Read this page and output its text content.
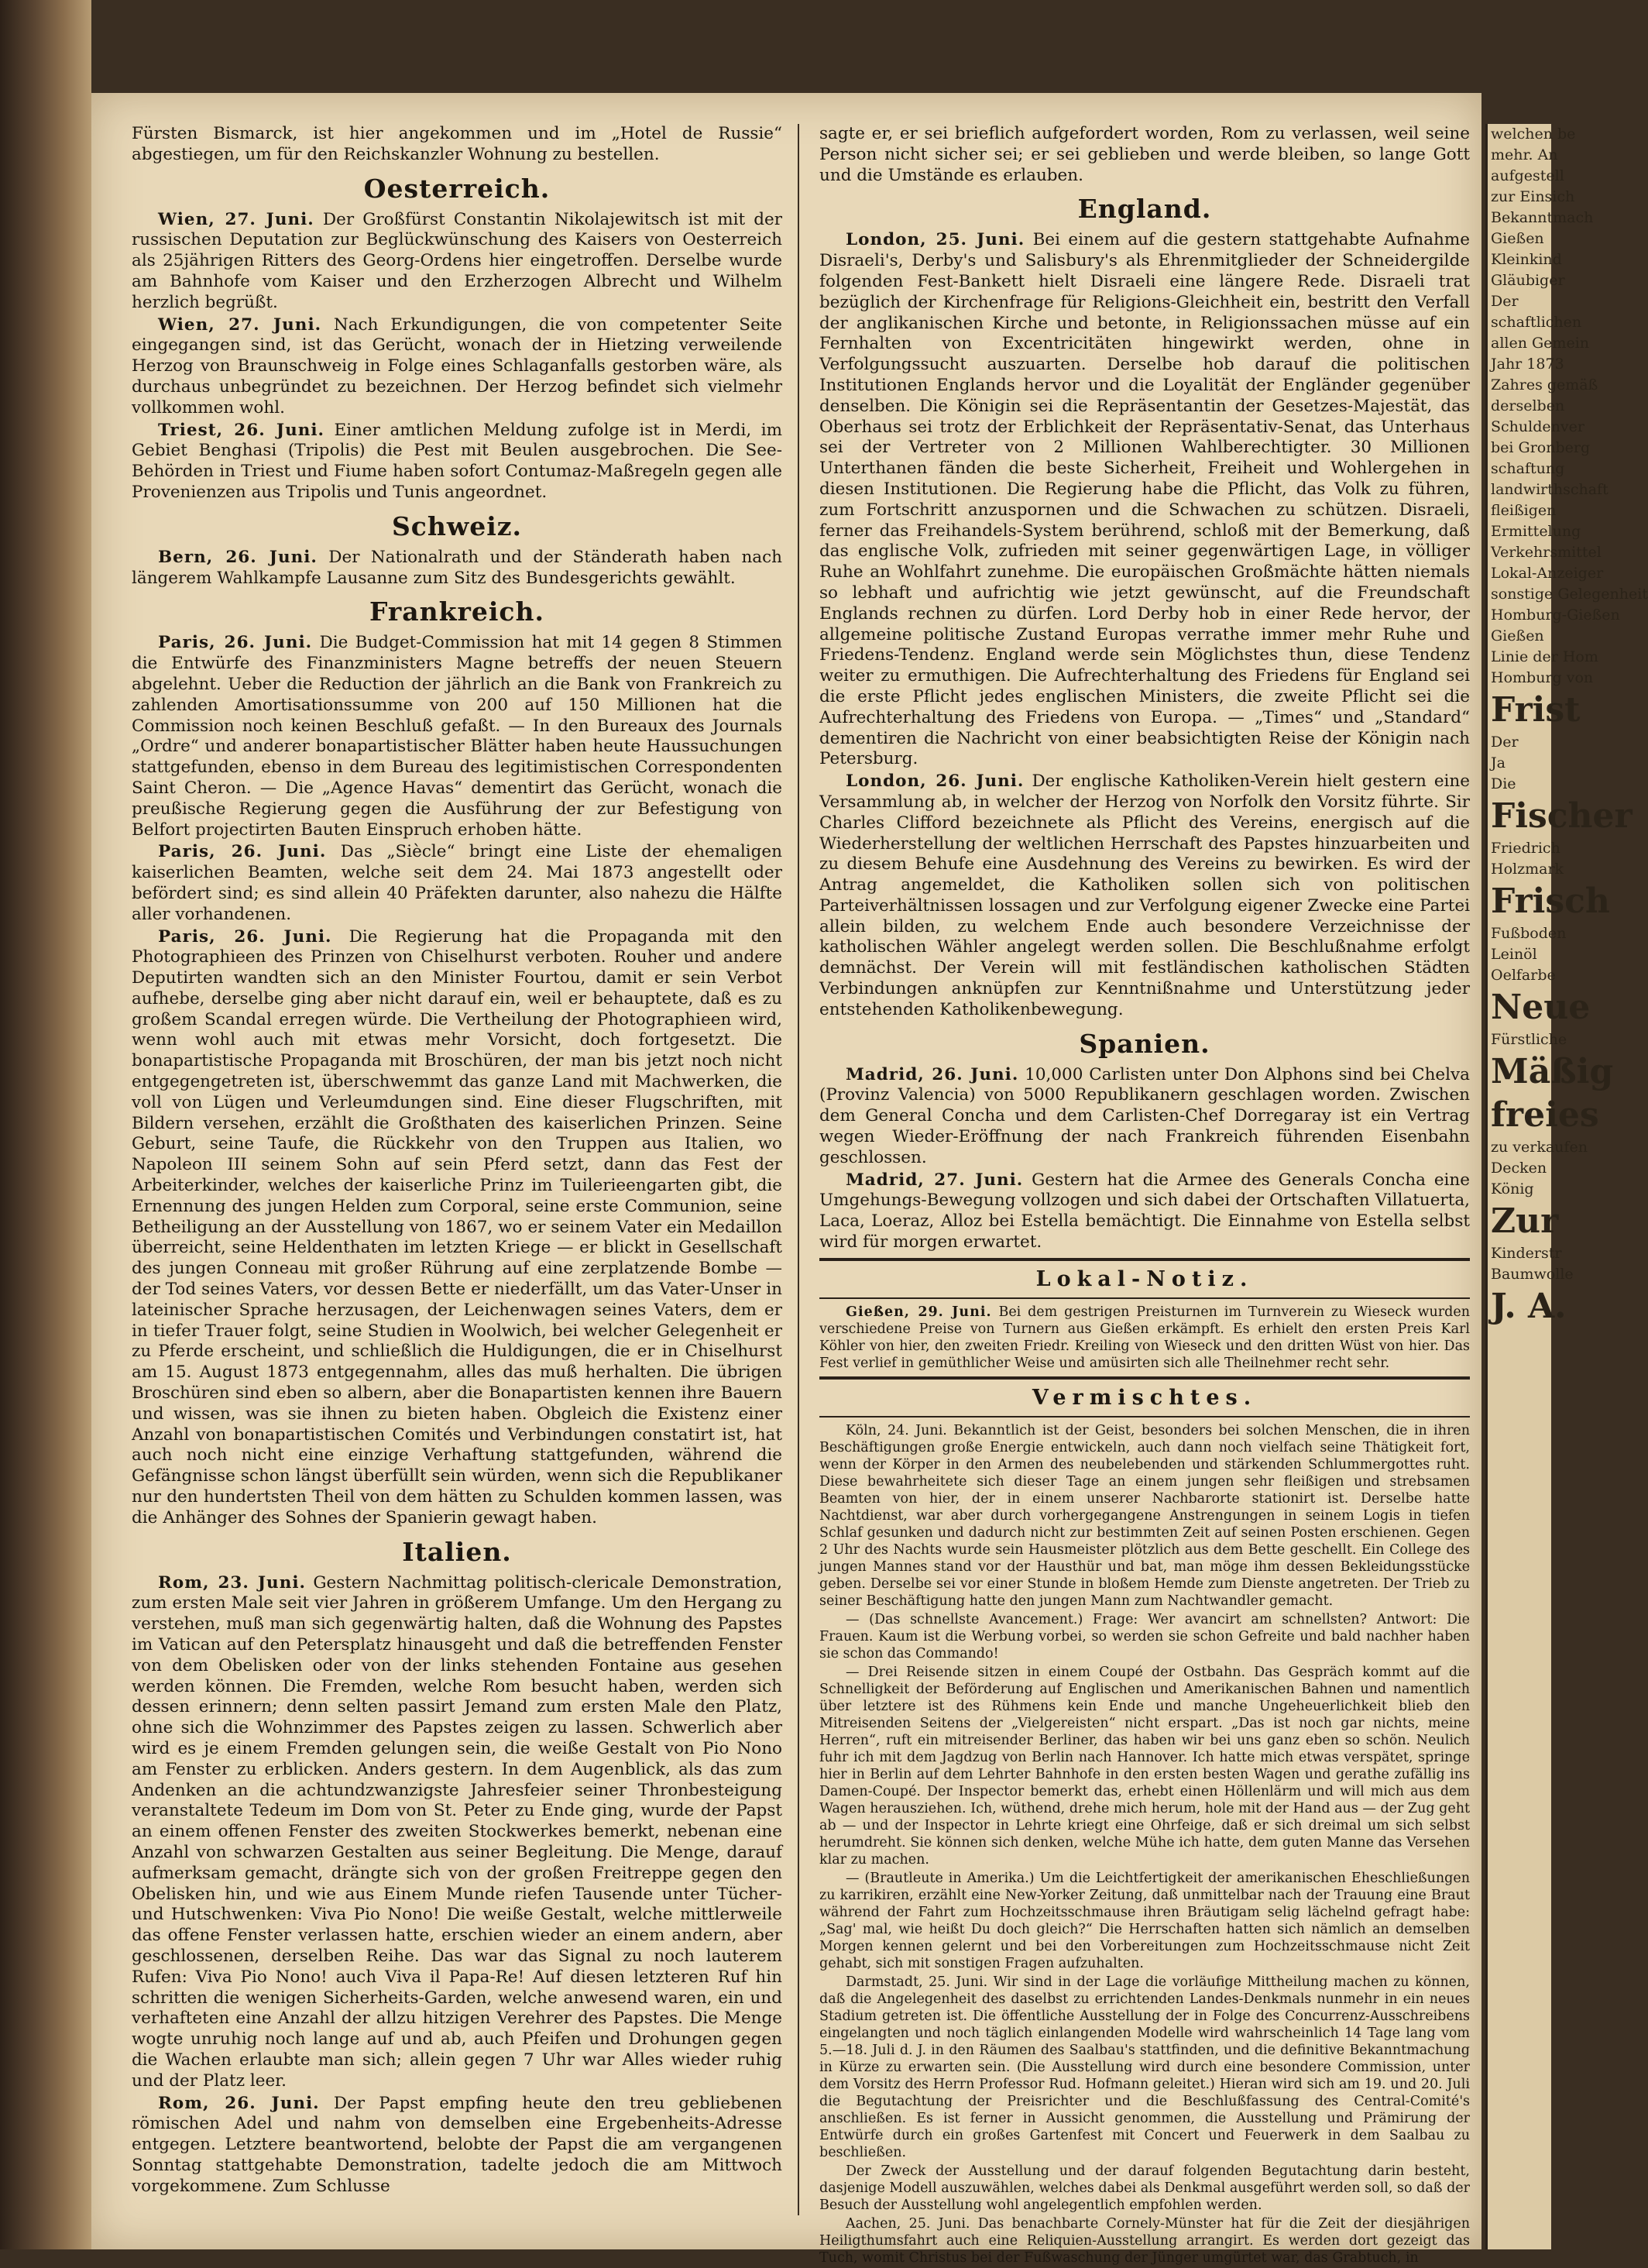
Fürsten Bismarck, ist hier angekommen und im „Hotel de Russie“ abgestiegen, um für den Reichskanzler Wohnung zu bestellen.

Oesterreich.

Wien, 27. Juni. Der Großfürst Constantin Nikolajewitsch ist mit der russischen Deputation zur Beglückwünschung des Kaisers von Oesterreich als 25jährigen Ritters des Georg-Ordens hier eingetroffen. Derselbe wurde am Bahnhofe vom Kaiser und den Erzherzogen Albrecht und Wilhelm herzlich begrüßt.

Wien, 27. Juni. Nach Erkundigungen, die von competenter Seite eingegangen sind, ist das Gerücht, wonach der in Hietzing verweilende Herzog von Braunschweig in Folge eines Schlaganfalls gestorben wäre, als durchaus unbegründet zu bezeichnen. Der Herzog befindet sich vielmehr vollkommen wohl.

Triest, 26. Juni. Einer amtlichen Meldung zufolge ist in Merdi, im Gebiet Benghasi (Tripolis) die Pest mit Beulen ausgebrochen. Die See-Behörden in Triest und Fiume haben sofort Contumaz-Maßregeln gegen alle Provenienzen aus Tripolis und Tunis angeordnet.

Schweiz.

Bern, 26. Juni. Der Nationalrath und der Ständerath haben nach längerem Wahlkampfe Lausanne zum Sitz des Bundesgerichts gewählt.

Frankreich.

Paris, 26. Juni. Die Budget-Commission hat mit 14 gegen 8 Stimmen die Entwürfe des Finanzministers Magne betreffs der neuen Steuern abgelehnt. Ueber die Reduction der jährlich an die Bank von Frankreich zu zahlenden Amortisationssumme von 200 auf 150 Millionen hat die Commission noch keinen Beschluß gefaßt. — In den Bureaux des Journals „Ordre“ und anderer bonapartistischer Blätter haben heute Haussuchungen stattgefunden, ebenso in dem Bureau des legitimistischen Correspondenten Saint Cheron. — Die „Agence Havas“ dementirt das Gerücht, wonach die preußische Regierung gegen die Ausführung der zur Befestigung von Belfort projectirten Bauten Einspruch erhoben hätte.

Paris, 26. Juni. Das „Siècle“ bringt eine Liste der ehemaligen kaiserlichen Beamten, welche seit dem 24. Mai 1873 angestellt oder befördert sind; es sind allein 40 Präfekten darunter, also nahezu die Hälfte aller vorhandenen.

Paris, 26. Juni. Die Regierung hat die Propaganda mit den Photographieen des Prinzen von Chiselhurst verboten. Rouher und andere Deputirten wandten sich an den Minister Fourtou, damit er sein Verbot aufhebe, derselbe ging aber nicht darauf ein, weil er behauptete, daß es zu großem Scandal erregen würde. Die Vertheilung der Photographieen wird, wenn wohl auch mit etwas mehr Vorsicht, doch fortgesetzt. Die bonapartistische Propaganda mit Broschüren, der man bis jetzt noch nicht entgegengetreten ist, überschwemmt das ganze Land mit Machwerken, die voll von Lügen und Verleumdungen sind. Eine dieser Flugschriften, mit Bildern versehen, erzählt die Großthaten des kaiserlichen Prinzen. Seine Geburt, seine Taufe, die Rückkehr von den Truppen aus Italien, wo Napoleon III seinem Sohn auf sein Pferd setzt, dann das Fest der Arbeiterkinder, welches der kaiserliche Prinz im Tuilerieengarten gibt, die Ernennung des jungen Helden zum Corporal, seine erste Communion, seine Betheiligung an der Ausstellung von 1867, wo er seinem Vater ein Medaillon überreicht, seine Heldenthaten im letzten Kriege — er blickt in Gesellschaft des jungen Conneau mit großer Rührung auf eine zerplatzende Bombe — der Tod seines Vaters, vor dessen Bette er niederfällt, um das Vater-Unser in lateinischer Sprache herzusagen, der Leichenwagen seines Vaters, dem er in tiefer Trauer folgt, seine Studien in Woolwich, bei welcher Gelegenheit er zu Pferde erscheint, und schließlich die Huldigungen, die er in Chiselhurst am 15. August 1873 entgegennahm, alles das muß herhalten. Die übrigen Broschüren sind eben so albern, aber die Bonapartisten kennen ihre Bauern und wissen, was sie ihnen zu bieten haben. Obgleich die Existenz einer Anzahl von bonapartistischen Comités und Verbindungen constatirt ist, hat auch noch nicht eine einzige Verhaftung stattgefunden, während die Gefängnisse schon längst überfüllt sein würden, wenn sich die Republikaner nur den hundertsten Theil von dem hätten zu Schulden kommen lassen, was die Anhänger des Sohnes der Spanierin gewagt haben.

Italien.

Rom, 23. Juni. Gestern Nachmittag politisch-clericale Demonstration, zum ersten Male seit vier Jahren in größerem Umfange. Um den Hergang zu verstehen, muß man sich gegenwärtig halten, daß die Wohnung des Papstes im Vatican auf den Petersplatz hinausgeht und daß die betreffenden Fenster von dem Obelisken oder von der links stehenden Fontaine aus gesehen werden können. Die Fremden, welche Rom besucht haben, werden sich dessen erinnern; denn selten passirt Jemand zum ersten Male den Platz, ohne sich die Wohnzimmer des Papstes zeigen zu lassen. Schwerlich aber wird es je einem Fremden gelungen sein, die weiße Gestalt von Pio Nono am Fenster zu erblicken. Anders gestern. In dem Augenblick, als das zum Andenken an die achtundzwanzigste Jahresfeier seiner Thronbesteigung veranstaltete Tedeum im Dom von St. Peter zu Ende ging, wurde der Papst an einem offenen Fenster des zweiten Stockwerkes bemerkt, nebenan eine Anzahl von schwarzen Gestalten aus seiner Begleitung. Die Menge, darauf aufmerksam gemacht, drängte sich von der großen Freitreppe gegen den Obelisken hin, und wie aus Einem Munde riefen Tausende unter Tücher- und Hutschwenken: Viva Pio Nono! Die weiße Gestalt, welche mittlerweile das offene Fenster verlassen hatte, erschien wieder an einem andern, aber geschlossenen, derselben Reihe. Das war das Signal zu noch lauterem Rufen: Viva Pio Nono! auch Viva il Papa-Re! Auf diesen letzteren Ruf hin schritten die wenigen Sicherheits-Garden, welche anwesend waren, ein und verhafteten eine Anzahl der allzu hitzigen Verehrer des Papstes. Die Menge wogte unruhig noch lange auf und ab, auch Pfeifen und Drohungen gegen die Wachen erlaubte man sich; allein gegen 7 Uhr war Alles wieder ruhig und der Platz leer.

Rom, 26. Juni. Der Papst empfing heute den treu gebliebenen römischen Adel und nahm von demselben eine Ergebenheits-Adresse entgegen. Letztere beantwortend, belobte der Papst die am vergangenen Sonntag stattgehabte Demonstration, tadelte jedoch die am Mittwoch vorgekommene. Zum Schlusse

sagte er, er sei brieflich aufgefordert worden, Rom zu verlassen, weil seine Person nicht sicher sei; er sei geblieben und werde bleiben, so lange Gott und die Umstände es erlauben.

England.

London, 25. Juni. Bei einem auf die gestern stattgehabte Aufnahme Disraeli's, Derby's und Salisbury's als Ehrenmitglieder der Schneidergilde folgenden Fest-Bankett hielt Disraeli eine längere Rede. Disraeli trat bezüglich der Kirchenfrage für Religions-Gleichheit ein, bestritt den Verfall der anglikanischen Kirche und betonte, in Religionssachen müsse auf ein Fernhalten von Excentricitäten hingewirkt werden, ohne in Verfolgungssucht auszuarten. Derselbe hob darauf die politischen Institutionen Englands hervor und die Loyalität der Engländer gegenüber denselben. Die Königin sei die Repräsentantin der Gesetzes-Majestät, das Oberhaus sei trotz der Erblichkeit der Repräsentativ-Senat, das Unterhaus sei der Vertreter von 2 Millionen Wahlberechtigter. 30 Millionen Unterthanen fänden die beste Sicherheit, Freiheit und Wohlergehen in diesen Institutionen. Die Regierung habe die Pflicht, das Volk zu führen, zum Fortschritt anzuspornen und die Schwachen zu schützen. Disraeli, ferner das Freihandels-System berührend, schloß mit der Bemerkung, daß das englische Volk, zufrieden mit seiner gegenwärtigen Lage, in völliger Ruhe an Wohlfahrt zunehme. Die europäischen Großmächte hätten niemals so lebhaft und aufrichtig wie jetzt gewünscht, auf die Freundschaft Englands rechnen zu dürfen. Lord Derby hob in einer Rede hervor, der allgemeine politische Zustand Europas verrathe immer mehr Ruhe und Friedens-Tendenz. England werde sein Möglichstes thun, diese Tendenz weiter zu ermuthigen. Die Aufrechterhaltung des Friedens für England sei die erste Pflicht jedes englischen Ministers, die zweite Pflicht sei die Aufrechterhaltung des Friedens von Europa. — „Times“ und „Standard“ dementiren die Nachricht von einer beabsichtigten Reise der Königin nach Petersburg.

London, 26. Juni. Der englische Katholiken-Verein hielt gestern eine Versammlung ab, in welcher der Herzog von Norfolk den Vorsitz führte. Sir Charles Clifford bezeichnete als Pflicht des Vereins, energisch auf die Wiederherstellung der weltlichen Herrschaft des Papstes hinzuarbeiten und zu diesem Behufe eine Ausdehnung des Vereins zu bewirken. Es wird der Antrag angemeldet, die Katholiken sollen sich von politischen Parteiverhältnissen lossagen und zur Verfolgung eigener Zwecke eine Partei allein bilden, zu welchem Ende auch besondere Verzeichnisse der katholischen Wähler angelegt werden sollen. Die Beschlußnahme erfolgt demnächst. Der Verein will mit festländischen katholischen Städten Verbindungen anknüpfen zur Kenntnißnahme und Unterstützung jeder entstehenden Katholikenbewegung.

Spanien.

Madrid, 26. Juni. 10,000 Carlisten unter Don Alphons sind bei Chelva (Provinz Valencia) von 5000 Republikanern geschlagen worden. Zwischen dem General Concha und dem Carlisten-Chef Dorregaray ist ein Vertrag wegen Wieder-Eröffnung der nach Frankreich führenden Eisenbahn geschlossen.

Madrid, 27. Juni. Gestern hat die Armee des Generals Concha eine Umgehungs-Bewegung vollzogen und sich dabei der Ortschaften Villatuerta, Laca, Loeraz, Alloz bei Estella bemächtigt. Die Einnahme von Estella selbst wird für morgen erwartet.

Lokal-Notiz.

Gießen, 29. Juni. Bei dem gestrigen Preisturnen im Turnverein zu Wieseck wurden verschiedene Preise von Turnern aus Gießen erkämpft. Es erhielt den ersten Preis Karl Köhler von hier, den zweiten Friedr. Kreiling von Wieseck und den dritten Wüst von hier. Das Fest verlief in gemüthlicher Weise und amüsirten sich alle Theilnehmer recht sehr.

Vermischtes.

Köln, 24. Juni. Bekanntlich ist der Geist, besonders bei solchen Menschen, die in ihren Beschäftigungen große Energie entwickeln, auch dann noch vielfach seine Thätigkeit fort, wenn der Körper in den Armen des neubelebenden und stärkenden Schlummergottes ruht. Diese bewahrheitete sich dieser Tage an einem jungen sehr fleißigen und strebsamen Beamten von hier, der in einem unserer Nachbarorte stationirt ist. Derselbe hatte Nachtdienst, war aber durch vorhergegangene Anstrengungen in seinem Logis in tiefen Schlaf gesunken und dadurch nicht zur bestimmten Zeit auf seinen Posten erschienen. Gegen 2 Uhr des Nachts wurde sein Hausmeister plötzlich aus dem Bette geschellt. Ein College des jungen Mannes stand vor der Hausthür und bat, man möge ihm dessen Bekleidungsstücke geben. Derselbe sei vor einer Stunde in bloßem Hemde zum Dienste angetreten. Der Trieb zu seiner Beschäftigung hatte den jungen Mann zum Nachtwandler gemacht.

— (Das schnellste Avancement.) Frage: Wer avancirt am schnellsten? Antwort: Die Frauen. Kaum ist die Werbung vorbei, so werden sie schon Gefreite und bald nachher haben sie schon das Commando!

— Drei Reisende sitzen in einem Coupé der Ostbahn. Das Gespräch kommt auf die Schnelligkeit der Beförderung auf Englischen und Amerikanischen Bahnen und namentlich über letztere ist des Rühmens kein Ende und manche Ungeheuerlichkeit blieb den Mitreisenden Seitens der „Vielgereisten“ nicht erspart. „Das ist noch gar nichts, meine Herren“, ruft ein mitreisender Berliner, das haben wir bei uns ganz eben so schön. Neulich fuhr ich mit dem Jagdzug von Berlin nach Hannover. Ich hatte mich etwas verspätet, springe hier in Berlin auf dem Lehrter Bahnhofe in den ersten besten Wagen und gerathe zufällig ins Damen-Coupé. Der Inspector bemerkt das, erhebt einen Höllenlärm und will mich aus dem Wagen herausziehen. Ich, wüthend, drehe mich herum, hole mit der Hand aus — der Zug geht ab — und der Inspector in Lehrte kriegt eine Ohrfeige, daß er sich dreimal um sich selbst herumdreht. Sie können sich denken, welche Mühe ich hatte, dem guten Manne das Versehen klar zu machen.

— (Brautleute in Amerika.) Um die Leichtfertigkeit der amerikanischen Eheschließungen zu karrikiren, erzählt eine New-Yorker Zeitung, daß unmittelbar nach der Trauung eine Braut während der Fahrt zum Hochzeitsschmause ihren Bräutigam selig lächelnd gefragt habe: „Sag' mal, wie heißt Du doch gleich?“ Die Herrschaften hatten sich nämlich an demselben Morgen kennen gelernt und bei den Vorbereitungen zum Hochzeitsschmause nicht Zeit gehabt, sich mit sonstigen Fragen aufzuhalten.

Darmstadt, 25. Juni. Wir sind in der Lage die vorläufige Mittheilung machen zu können, daß die Angelegenheit des daselbst zu errichtenden Landes-Denkmals nunmehr in ein neues Stadium getreten ist. Die öffentliche Ausstellung der in Folge des Concurrenz-Ausschreibens eingelangten und noch täglich einlangenden Modelle wird wahrscheinlich 14 Tage lang vom 5.—18. Juli d. J. in den Räumen des Saalbau's stattfinden, und die definitive Bekanntmachung in Kürze zu erwarten sein. (Die Ausstellung wird durch eine besondere Commission, unter dem Vorsitz des Herrn Professor Rud. Hofmann geleitet.) Hieran wird sich am 19. und 20. Juli die Begutachtung der Preisrichter und die Beschlußfassung des Central-Comité's anschließen. Es ist ferner in Aussicht genommen, die Ausstellung und Prämirung der Entwürfe durch ein großes Gartenfest mit Concert und Feuerwerk in dem Saalbau zu beschließen.

Der Zweck der Ausstellung und der darauf folgenden Begutachtung darin besteht, dasjenige Modell auszuwählen, welches dabei als Denkmal ausgeführt werden soll, so daß der Besuch der Ausstellung wohl angelegentlich empfohlen werden.

Aachen, 25. Juni. Das benachbarte Cornely-Münster hat für die Zeit der diesjährigen Heiligthumsfahrt auch eine Reliquien-Ausstellung arrangirt. Es werden dort gezeigt das Tuch, womit Christus bei der Fußwaschung der Jünger umgürtet war, das Grabtuch, in

welchen be
mehr. An
aufgestell
zur Einsich
Bekanntmach
Gießen
Kleinkind
Gläubiger
Der
schaftlichen
allen Gemein
Jahr 1873
Zahres gemäß
derselben
Schuldenver
bei Gronberg
schaftung
landwirthschaft
fleißigen
Ermittelung
Verkehrsmittel
Lokal-Anzeiger
sonstige Gelegenheit
Homburg-Gießen
Gießen
Linie der Hom
Homburg von
Frist
Der
Ja
Die
Fischer
Friedrich
Holzmark
Frisch
Fußboden
Leinöl
Oelfarbe
Neue
Fürstliche
Mäßig
freies
zu verkaufen
Decken
König
Zur
Kinderstr
Baumwolle
J. A.
